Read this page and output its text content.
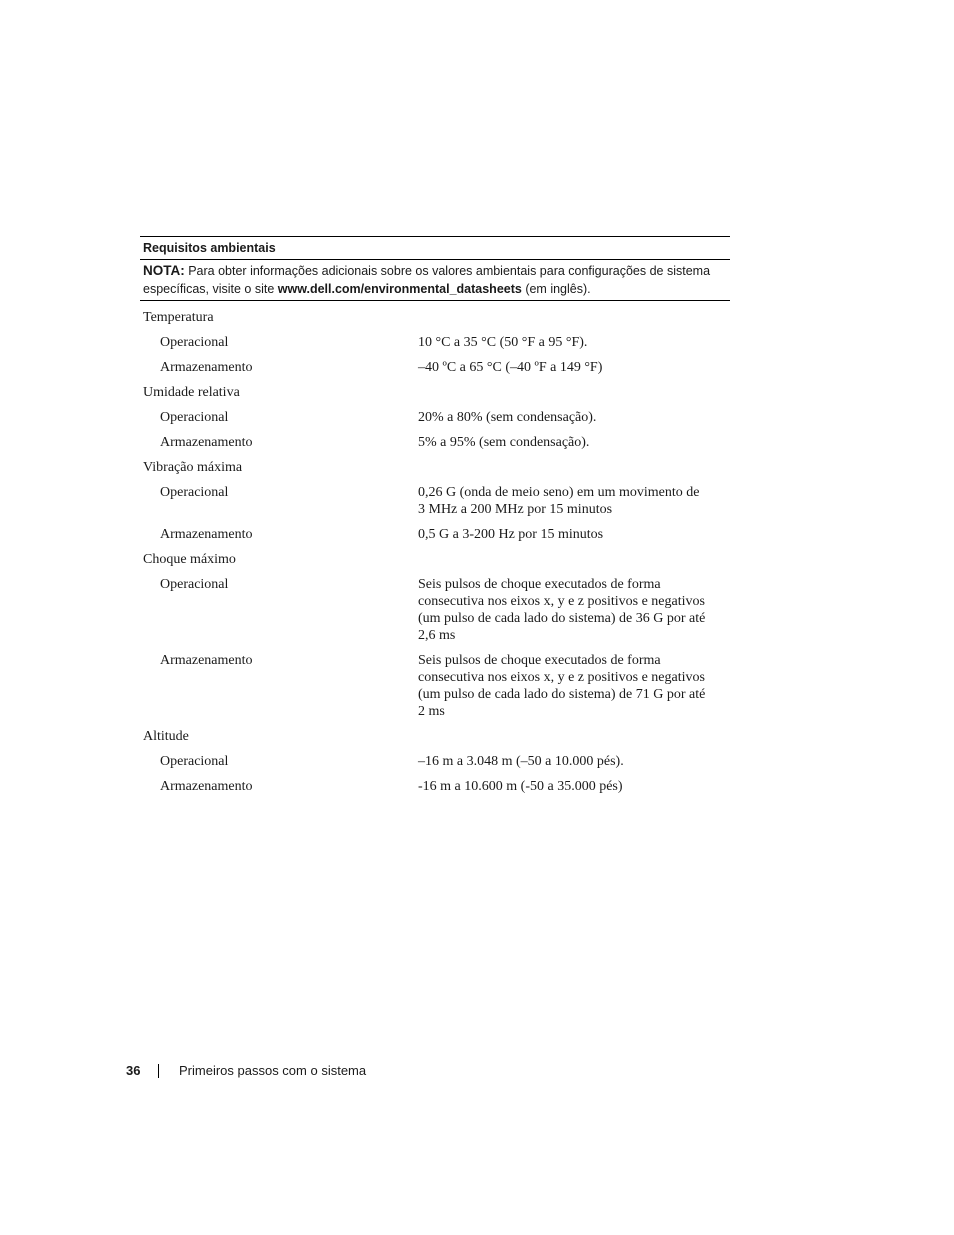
Requisitos ambientais
NOTA: Para obter informações adicionais sobre os valores ambientais para configurações de sistema específicas, visite o site www.dell.com/environmental_datasheets (em inglês).
Temperatura
Operacional	10 °C a 35 °C (50 °F a 95 °F).
Armazenamento	–40 ºC a 65 °C (–40 ºF a 149 °F)
Umidade relativa
Operacional	20% a 80% (sem condensação).
Armazenamento	5% a 95% (sem condensação).
Vibração máxima
Operacional	0,26 G (onda de meio seno) em um movimento de 3 MHz a 200 MHz por 15 minutos
Armazenamento	0,5 G a 3-200 Hz por 15 minutos
Choque máximo
Operacional	Seis pulsos de choque executados de forma consecutiva nos eixos x, y e z positivos e negativos (um pulso de cada lado do sistema) de 36 G por até 2,6 ms
Armazenamento	Seis pulsos de choque executados de forma consecutiva nos eixos x, y e z positivos e negativos (um pulso de cada lado do sistema) de 71 G por até 2 ms
Altitude
Operacional	–16 m a 3.048 m (–50 a 10.000 pés).
Armazenamento	-16 m a 10.600 m (-50 a 35.000 pés)
36	Primeiros passos com o sistema
